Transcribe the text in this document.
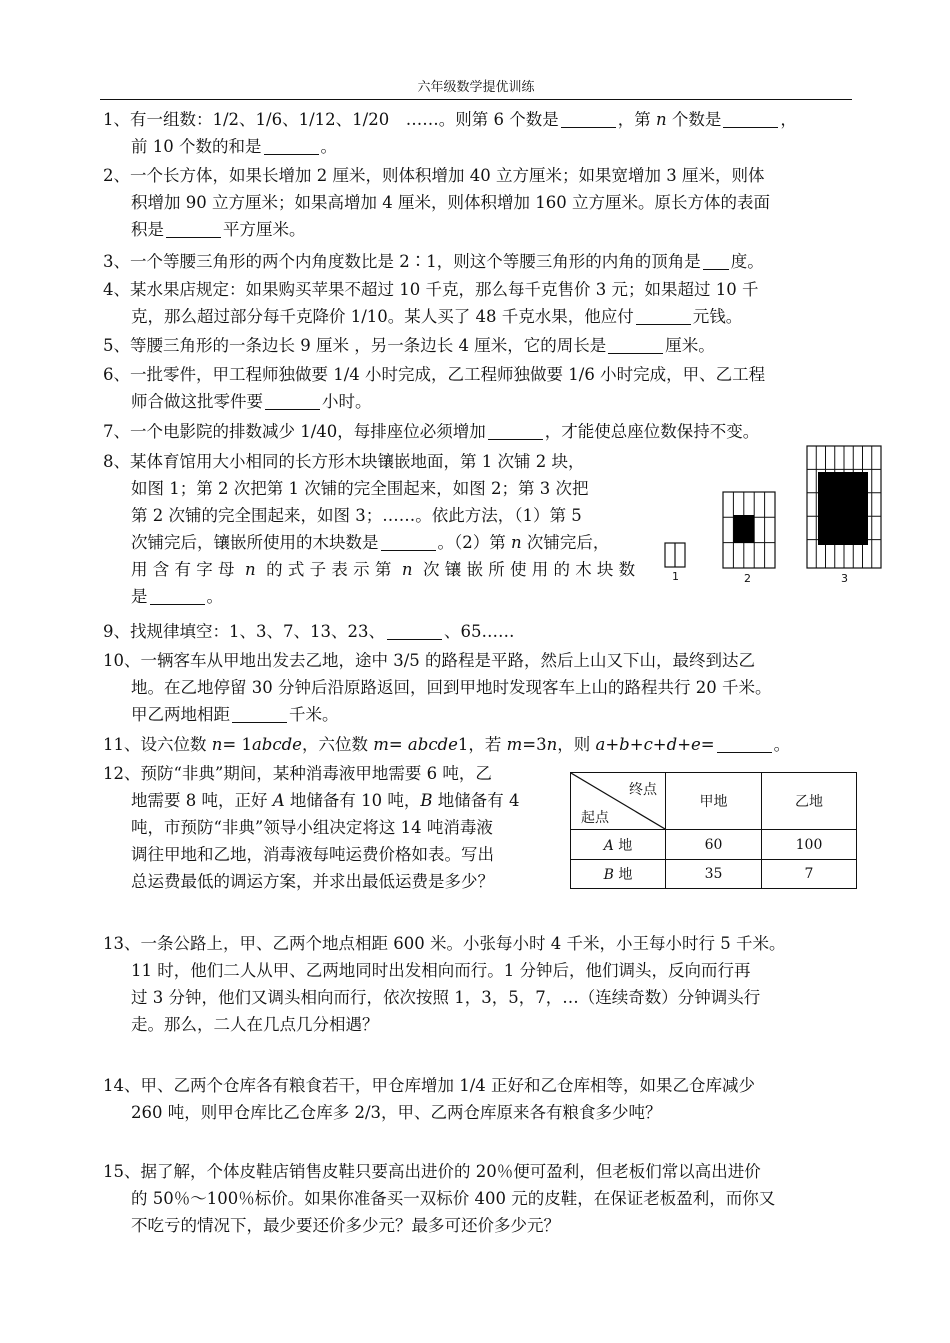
六年级数学提优训练
1、有一组数：1/2、1/6、1/12、1/20　……。则第 6 个数是	，第 n 个数是	，
前 10 个数的和是	。
2、一个长方体，如果长增加 2 厘米，则体积增加 40 立方厘米；如果宽增加 3 厘米，则体
积增加 90 立方厘米；如果高增加 4 厘米，则体积增加 160 立方厘米。原长方体的表面
积是	平方厘米。
3、一个等腰三角形的两个内角度数比是 2∶1，则这个等腰三角形的内角的顶角是 度。
4、某水果店规定：如果购买苹果不超过 10 千克，那么每千克售价 3 元；如果超过 10 千
克，那么超过部分每千克降价 1/10。某人买了 48 千克水果，他应付	元钱。
5、等腰三角形的一条边长 9 厘米 ，另一条边长 4 厘米，它的周长是	厘米。
6、一批零件，甲工程师独做要 1/4 小时完成，乙工程师独做要 1/6 小时完成，甲、乙工程
师合做这批零件要	小时。
7、一个电影院的排数减少 1/40，每排座位必须增加	，才能使总座位数保持不变。
8、某体育馆用大小相同的长方形木块镶嵌地面，第 1 次铺 2 块，
如图 1；第 2 次把第 1 次铺的完全围起来，如图 2；第 3 次把
第 2 次铺的完全围起来，如图 3；……。依此方法，（1）第 5
次铺完后，镶嵌所使用的木块数是	。（2）第 n 次铺完后，
用 含 有 字 母  n  的 式 子 表 示 第  n  次 镶 嵌 所 使 用 的 木 块 数
是	。
1	2	3
9、找规律填空：1、3、7、13、23、	、65……
10、一辆客车从甲地出发去乙地，途中 3/5 的路程是平路，然后上山又下山，最终到达乙
地。在乙地停留 30 分钟后沿原路返回，回到甲地时发现客车上山的路程共行 20 千米。
甲乙两地相距	千米。
11、设六位数 n= 1abcde，六位数 m= abcde1，若 m=3n，则 a+b+c+d+e=	。
12、预防“非典”期间，某种消毒液甲地需要 6 吨，乙
地需要 8 吨，正好 A 地储备有 10 吨，B 地储备有 4
吨，市预防“非典”领导小组决定将这 14 吨消毒液
调往甲地和乙地，消毒液每吨运费价格如表。写出
总运费最低的调运方案，并求出最低运费是多少？
终点
起点	甲地	乙地
A 地	60	100
B 地	35	7
13、一条公路上，甲、乙两个地点相距 600 米。小张每小时 4 千米，小王每小时行 5 千米。
11 时，他们二人从甲、乙两地同时出发相向而行。1 分钟后，他们调头，反向而行再
过 3 分钟，他们又调头相向而行，依次按照 1，3，5，7，…（连续奇数）分钟调头行
走。那么，二人在几点几分相遇？
14、甲、乙两个仓库各有粮食若干，甲仓库增加 1/4 正好和乙仓库相等，如果乙仓库减少
260 吨，则甲仓库比乙仓库多 2/3，甲、乙两仓库原来各有粮食多少吨？
15、据了解，个体皮鞋店销售皮鞋只要高出进价的 20％便可盈利，但老板们常以高出进价
的 50％～100％标价。如果你准备买一双标价 400 元的皮鞋，在保证老板盈利，而你又
不吃亏的情况下，最少要还价多少元？最多可还价多少元？
